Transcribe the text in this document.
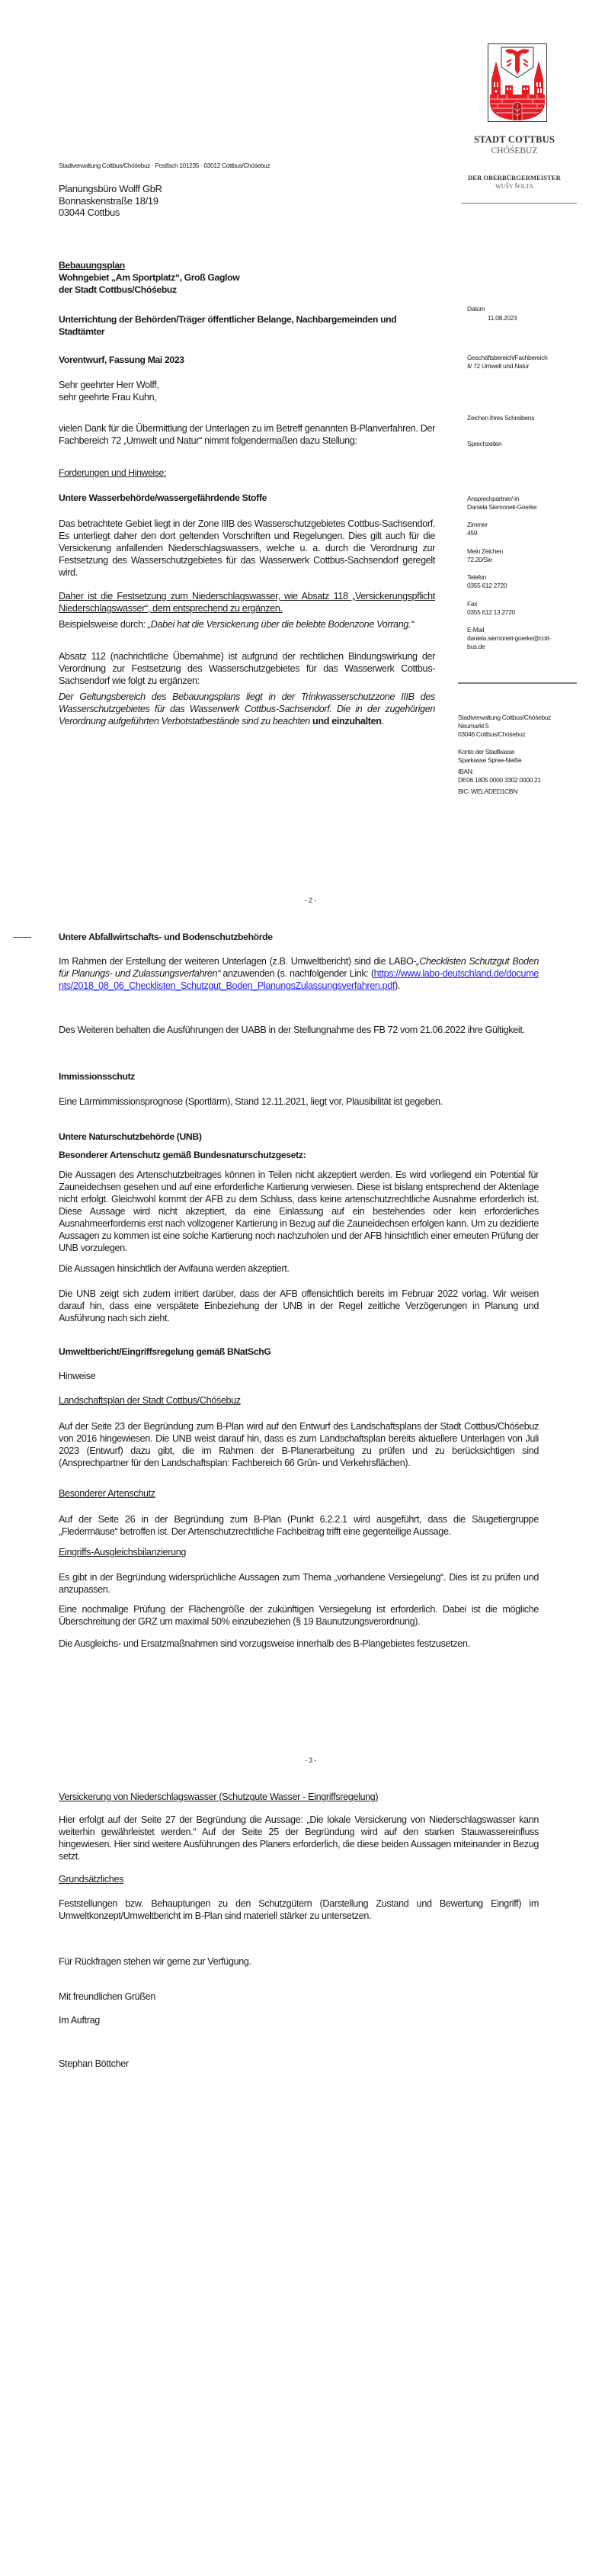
STADT COTTBUS
CHÓŚEBUZ
DER OBERBÜRGERMEISTER
WUŠY ŠOLTA
Stadtverwaltung Cottbus/Chóśebuz · Postfach 101235 · 03012 Cottbus/Chóśebuz
Planungsbüro Wolff GbR
Bonnaskenstraße 18/19
03044 Cottbus
Bebauungsplan
Wohngebiet „Am Sportplatz“, Groß Gaglow
der Stadt Cottbus/Chóśebuz
Unterrichtung der Behörden/Träger öffentlicher Belange, Nachbargemeinden und Stadtämter
Vorentwurf, Fassung Mai 2023
Datum
11.08.2023
Geschäftsbereich/Fachbereich
II/ 72 Umwelt und Natur
Zeichen Ihres Schreibens
Sprechzeiten
Ansprechpartner/-in
Daniela Siemoneit-Goerke
Zimmer
459
Mein Zeichen
72.20/Sie
Telefon
0355 612 2720
Fax
0355 612 13 2720
E-Mail
daniela.siemoneit-goerke@cott-
bus.de
Stadtverwaltung Cottbus/Chóśebuz
Neumarkt 5
03046 Cottbus/Chóśebuz
Konto der Stadtkasse
Sparkasse Spree-Neiße
IBAN:
DE06 1805 0000 3302 0000 21
BIC: WELADED1CBN
Sehr geehrter Herr Wolff,
sehr geehrte Frau Kuhn,
vielen Dank für die Übermittlung der Unterlagen zu im Betreff genannten B-Planverfahren. Der Fachbereich 72 „Umwelt und Natur“ nimmt folgendermaßen dazu Stellung:
Forderungen und Hinweise:
Untere Wasserbehörde/wassergefährdende Stoffe
Das betrachtete Gebiet liegt in der Zone IIIB des Wasserschutzgebietes Cottbus-Sachsendorf. Es unterliegt daher den dort geltenden Vorschriften und Regelungen. Dies gilt auch für die Versickerung anfallenden Niederschlagswassers, welche u. a. durch die Verordnung zur Festsetzung des Wasserschutzgebietes für das Wasserwerk Cottbus-Sachsendorf geregelt wird.
Daher ist die Festsetzung zum Niederschlagswasser, wie Absatz 118 „Versickerungspflicht Niederschlagswasser“, dem entsprechend zu ergänzen.
Beispielsweise durch: „Dabei hat die Versickerung über die belebte Bodenzone Vorrang.“
Absatz 112 (nachrichtliche Übernahme) ist aufgrund der rechtlichen Bindungswirkung der Verordnung zur Festsetzung des Wasserschutzgebietes für das Wasserwerk Cottbus-Sachsendorf wie folgt zu ergänzen:
Der Geltungsbereich des Bebauungsplans liegt in der Trinkwasserschutzzone IIIB des Wasserschutzgebietes für das Wasserwerk Cottbus-Sachsendorf. Die in der zugehörigen Verordnung aufgeführten Verbotstatbestände sind zu beachten und einzuhalten.
- 2 -
Untere Abfallwirtschafts- und Bodenschutzbehörde
Im Rahmen der Erstellung der weiteren Unterlagen (z.B. Umweltbericht) sind die LABO-„Checklisten Schutzgut Boden für Planungs- und Zulassungsverfahren“ anzuwenden (s. nachfolgender Link: (https://www.labo-deutschland.de/documents/2018_08_06_Checklisten_Schutzgut_Boden_PlanungsZulassungsverfahren.pdf).
Des Weiteren behalten die Ausführungen der UABB in der Stellungnahme des FB 72 vom 21.06.2022 ihre Gültigkeit.
Immissionsschutz
Eine Lärmimmissionsprognose (Sportlärm), Stand 12.11.2021, liegt vor. Plausibilität ist gegeben.
Untere Naturschutzbehörde (UNB)
Besonderer Artenschutz gemäß Bundesnaturschutzgesetz:
Die Aussagen des Artenschutzbeitrages können in Teilen nicht akzeptiert werden. Es wird vorliegend ein Potential für Zauneidechsen gesehen und auf eine erforderliche Kartierung verwiesen. Diese ist bislang entsprechend der Aktenlage nicht erfolgt. Gleichwohl kommt der AFB zu dem Schluss, dass keine artenschutzrechtliche Ausnahme erforderlich ist. Diese Aussage wird nicht akzeptiert, da eine Einlassung auf ein bestehendes oder kein erforderliches Ausnahmeerfordernis erst nach vollzogener Kartierung in Bezug auf die Zauneidechsen erfolgen kann. Um zu dezidierte Aussagen zu kommen ist eine solche Kartierung noch nachzuholen und der AFB hinsichtlich einer erneuten Prüfung der UNB vorzulegen.
Die Aussagen hinsichtlich der Avifauna werden akzeptiert.
Die UNB zeigt sich zudem irritiert darüber, dass der AFB offensichtlich bereits im Februar 2022 vorlag. Wir weisen darauf hin, dass eine verspätete Einbeziehung der UNB in der Regel zeitliche Verzögerungen in Planung und Ausführung nach sich zieht.
Umweltbericht/Eingriffsregelung gemäß BNatSchG
Hinweise
Landschaftsplan der Stadt Cottbus/Chóśebuz
Auf der Seite 23 der Begründung zum B-Plan wird auf den Entwurf des Landschaftsplans der Stadt Cottbus/Chóśebuz von 2016 hingewiesen. Die UNB weist darauf hin, dass es zum Landschaftsplan bereits aktuellere Unterlagen von Juli 2023 (Entwurf) dazu gibt, die im Rahmen der B-Planerarbeitung zu prüfen und zu berücksichtigen sind (Ansprechpartner für den Landschaftsplan: Fachbereich 66 Grün- und Verkehrsflächen).
Besonderer Artenschutz
Auf der Seite 26 in der Begründung zum B-Plan (Punkt 6.2.2.1 wird ausgeführt, dass die Säugetiergruppe „Fledermäuse“ betroffen ist. Der Artenschutzrechtliche Fachbeitrag trifft eine gegenteilige Aussage.
Eingriffs-Ausgleichsbilanzierung
Es gibt in der Begründung widersprüchliche Aussagen zum Thema „vorhandene Versiegelung“. Dies ist zu prüfen und anzupassen.
Eine nochmalige Prüfung der Flächengröße der zukünftigen Versiegelung ist erforderlich. Dabei ist die mögliche Überschreitung der GRZ um maximal 50% einzubeziehen (§ 19 Baunutzungsverordnung).
Die Ausgleichs- und Ersatzmaßnahmen sind vorzugsweise innerhalb des B-Plangebietes festzusetzen.
- 3 -
Versickerung von Niederschlagswasser (Schutzgute Wasser - Eingriffsregelung)
Hier erfolgt auf der Seite 27 der Begründung die Aussage: „Die lokale Versickerung von Niederschlagswasser kann weiterhin gewährleistet werden.“ Auf der Seite 25 der Begründung wird auf den starken Stauwassereinfluss hingewiesen. Hier sind weitere Ausführungen des Planers erforderlich, die diese beiden Aussagen miteinander in Bezug setzt.
Grundsätzliches
Feststellungen bzw. Behauptungen zu den Schutzgütern (Darstellung Zustand und Bewertung Eingriff) im Umweltkonzept/Umweltbericht im B-Plan sind materiell stärker zu untersetzen.
Für Rückfragen stehen wir gerne zur Verfügung.
Mit freundlichen Grüßen
Im Auftrag
Stephan Böttcher
